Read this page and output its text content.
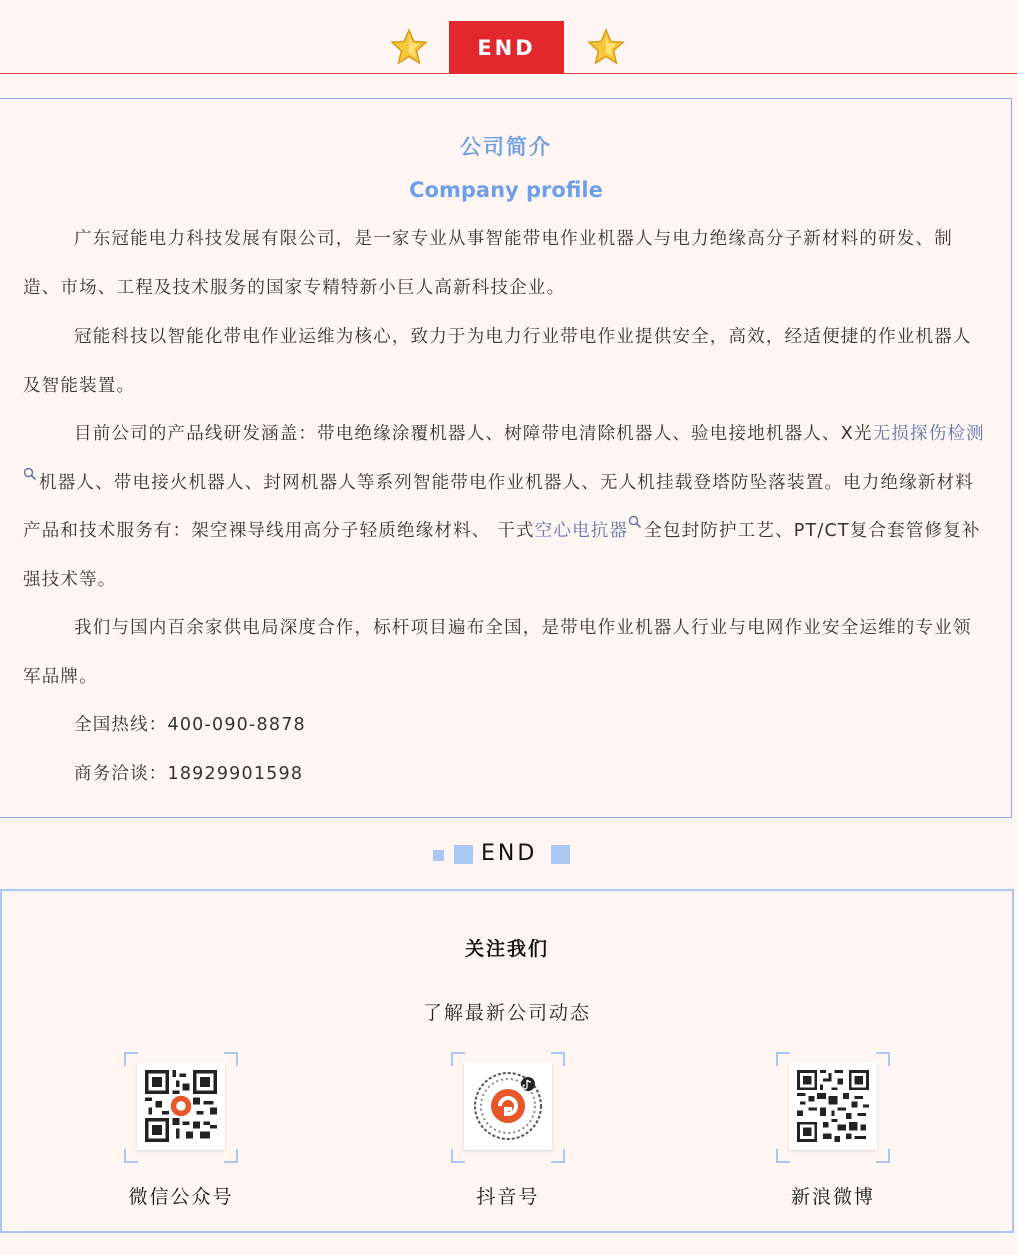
END
公司简介
Company profile
广东冠能电力科技发展有限公司，是一家专业从事智能带电作业机器人与电力绝缘高分子新材料的研发、制造、市场、工程及技术服务的国家专精特新小巨人高新科技企业。
冠能科技以智能化带电作业运维为核心，致力于为电力行业带电作业提供安全，高效，经适便捷的作业机器人及智能装置。
目前公司的产品线研发涵盖：带电绝缘涂覆机器人、树障带电清除机器人、验电接地机器人、X光无损探伤检测机器人、带电接火机器人、封网机器人等系列智能带电作业机器人、无人机挂载登塔防坠落装置。电力绝缘新材料产品和技术服务有：架空裸导线用高分子轻质绝缘材料、 干式空心电抗器 全包封防护工艺、PT/CT复合套管修复补强技术等。
我们与国内百余家供电局深度合作，标杆项目遍布全国，是带电作业机器人行业与电网作业安全运维的专业领军品牌。
全国热线：400-090-8878
商务洽谈：18929901598
END
关注我们
了解最新公司动态
微信公众号	抖音号	新浪微博
